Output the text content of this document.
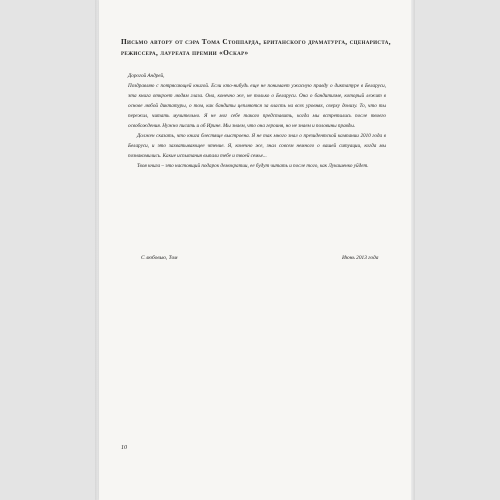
Письмо автору от сэра Тома Стоппарда, британского драматурга, сценариста, режиссера, лауреата премии «Оскар»

Дорогой Андрей,

Поздравляю с потрясающей книгой. Если кто-нибудь еще не понимает ужасную правду о диктатуре в Беларуси, эта книга откроет людям глаза. Она, конечно же, не только о Беларуси. Она о бандитизме, который лежит в основе любой диктатуры, о том, как бандиты цепляются за власть на всех уровнях, сверху донизу. То, что ты пережил, читать мучительно. Я не мог себе такого представить, когда мы встретились после твоего освобождения. Нужно писать и об Ирине. Мы знаем, что она героиня, но не знаем и половины правды.

Должен сказать, что книга блестяще выстроена. Я не так много знал о президентской кампании 2010 года в Беларуси, и это захватывающее чтение. Я, конечно же, знал совсем немного о вашей ситуации, когда мы познакомились. Какие испытания выпали тебе и твоей семье...

Твоя книга – это настоящий подарок демократии, ее будут читать и после того, как Лукашенко уйдет.

С любовью, Том	Июнь 2013 года
10
